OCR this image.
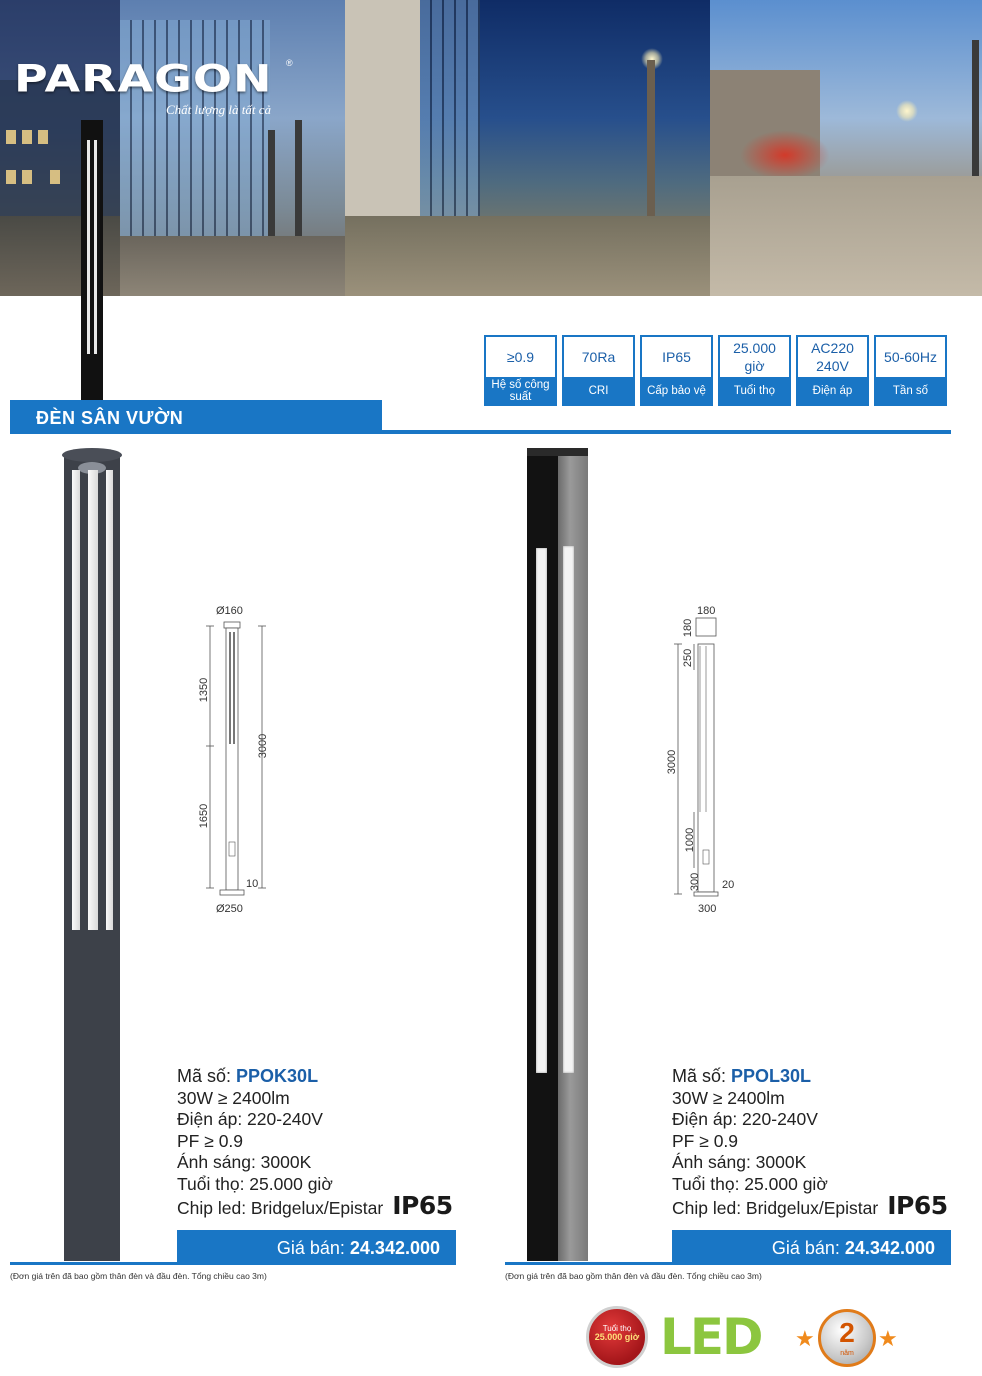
PARAGON ®
Chất lượng là tất cả
≥0.9
Hệ số công suất
70Ra
CRI
IP65
Cấp bảo vệ
25.000 giờ
Tuổi thọ
AC220 240V
Điện áp
50-60Hz
Tần số
ĐÈN SÂN VƯỜN
Ø160
1350
3000
1650
10
Ø250
Mã số: PPOK30L
30W ≥ 2400lm
Điện áp: 220-240V
PF ≥ 0.9
Ánh sáng: 3000K
Tuổi thọ: 25.000 giờ
Chip led: Bridgelux/Epistar IP65
Giá bán: 24.342.000
(Đơn giá trên đã bao gồm thân đèn và đầu đèn. Tổng chiều cao 3m)
180
180
250
3000
1000
300 20
300
Mã số: PPOL30L
30W ≥ 2400lm
Điện áp: 220-240V
PF ≥ 0.9
Ánh sáng: 3000K
Tuổi thọ: 25.000 giờ
Chip led: Bridgelux/Epistar IP65
Giá bán: 24.342.000
(Đơn giá trên đã bao gồm thân đèn và đầu đèn. Tổng chiều cao 3m)
Tuổi thọ
25.000 giờ LED ★ 2
năm
★
